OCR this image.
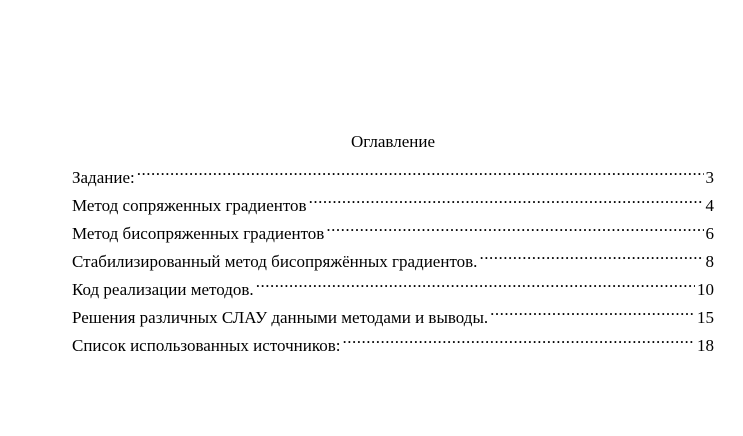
Оглавление
Задание: .....	3
Метод сопряженных градиентов .....	4
Метод бисопряженных градиентов .....	6
Стабилизированный метод бисопряжённых градиентов. .....	8
Код реализации методов. .....	10
Решения различных СЛАУ данными методами и выводы. .....	15
Список использованных источников: .....	18
